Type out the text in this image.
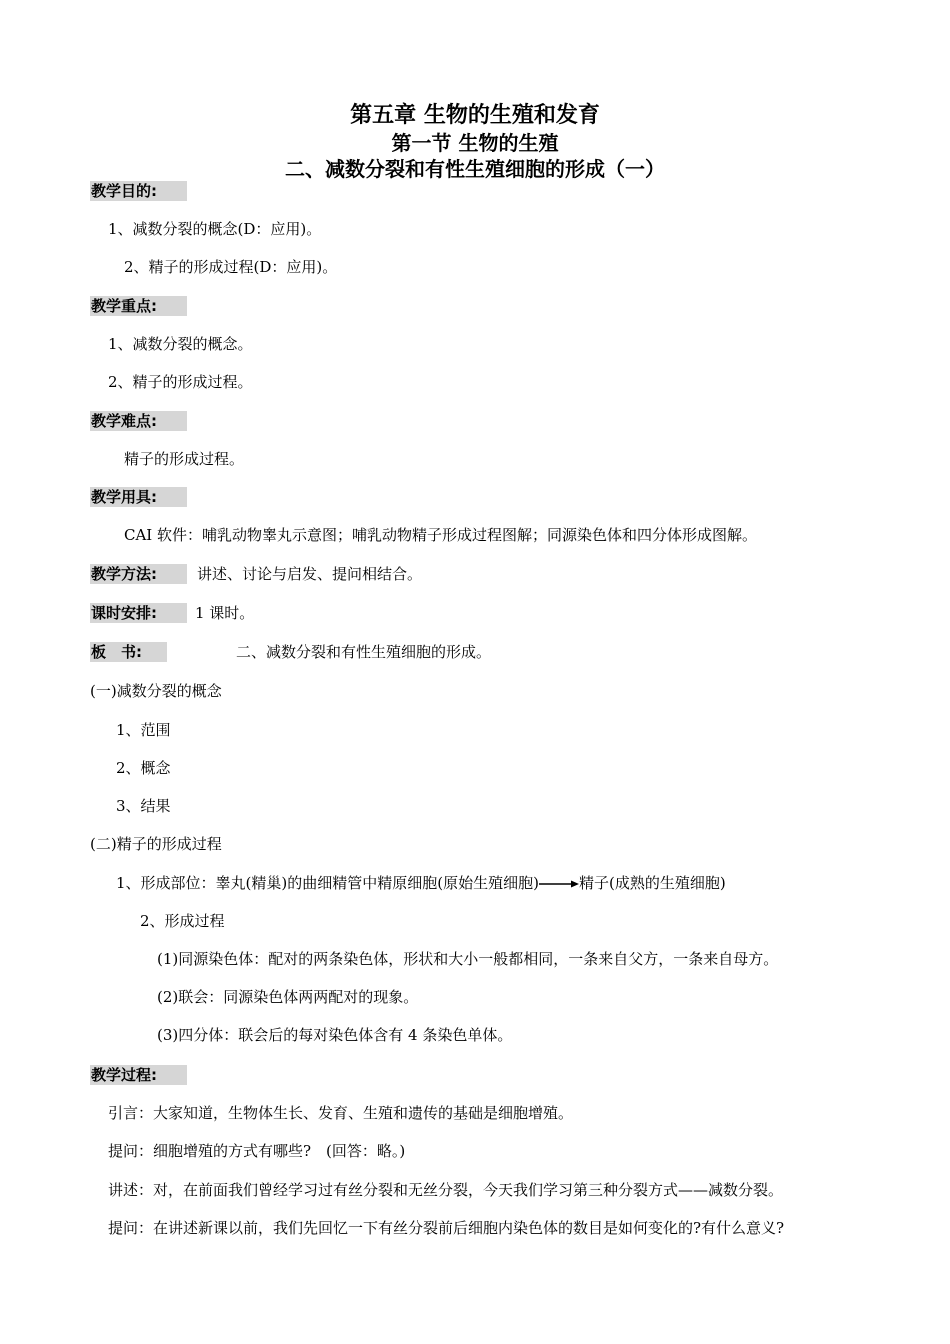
第五章 生物的生殖和发育
第一节 生物的生殖
二、减数分裂和有性生殖细胞的形成（一）
教学目的:
1、减数分裂的概念(D：应用)。
2、精子的形成过程(D：应用)。
教学重点:
1、减数分裂的概念。
2、精子的形成过程。
教学难点:
精子的形成过程。
教学用具:
CAI 软件：哺乳动物睾丸示意图；哺乳动物精子形成过程图解；同源染色体和四分体形成图解。
教学方法:	讲述、讨论与启发、提问相结合。
课时安排:	1 课时。
板　书:	二、减数分裂和有性生殖细胞的形成。
(一)减数分裂的概念
1、范围
2、概念
3、结果
(二)精子的形成过程
1、形成部位：睾丸(精巢)的曲细精管中精原细胞(原始生殖细胞)	精子(成熟的生殖细胞)
2、形成过程
(1)同源染色体：配对的两条染色体，形状和大小一般都相同，一条来自父方，一条来自母方。
(2)联会：同源染色体两两配对的现象。
(3)四分体：联会后的每对染色体含有 4 条染色单体。
教学过程:
引言：大家知道，生物体生长、发育、生殖和遗传的基础是细胞增殖。
提问：细胞增殖的方式有哪些?　(回答：略。)
讲述：对，在前面我们曾经学习过有丝分裂和无丝分裂，今天我们学习第三种分裂方式——减数分裂。
提问：在讲述新课以前，我们先回忆一下有丝分裂前后细胞内染色体的数目是如何变化的?有什么意义?
